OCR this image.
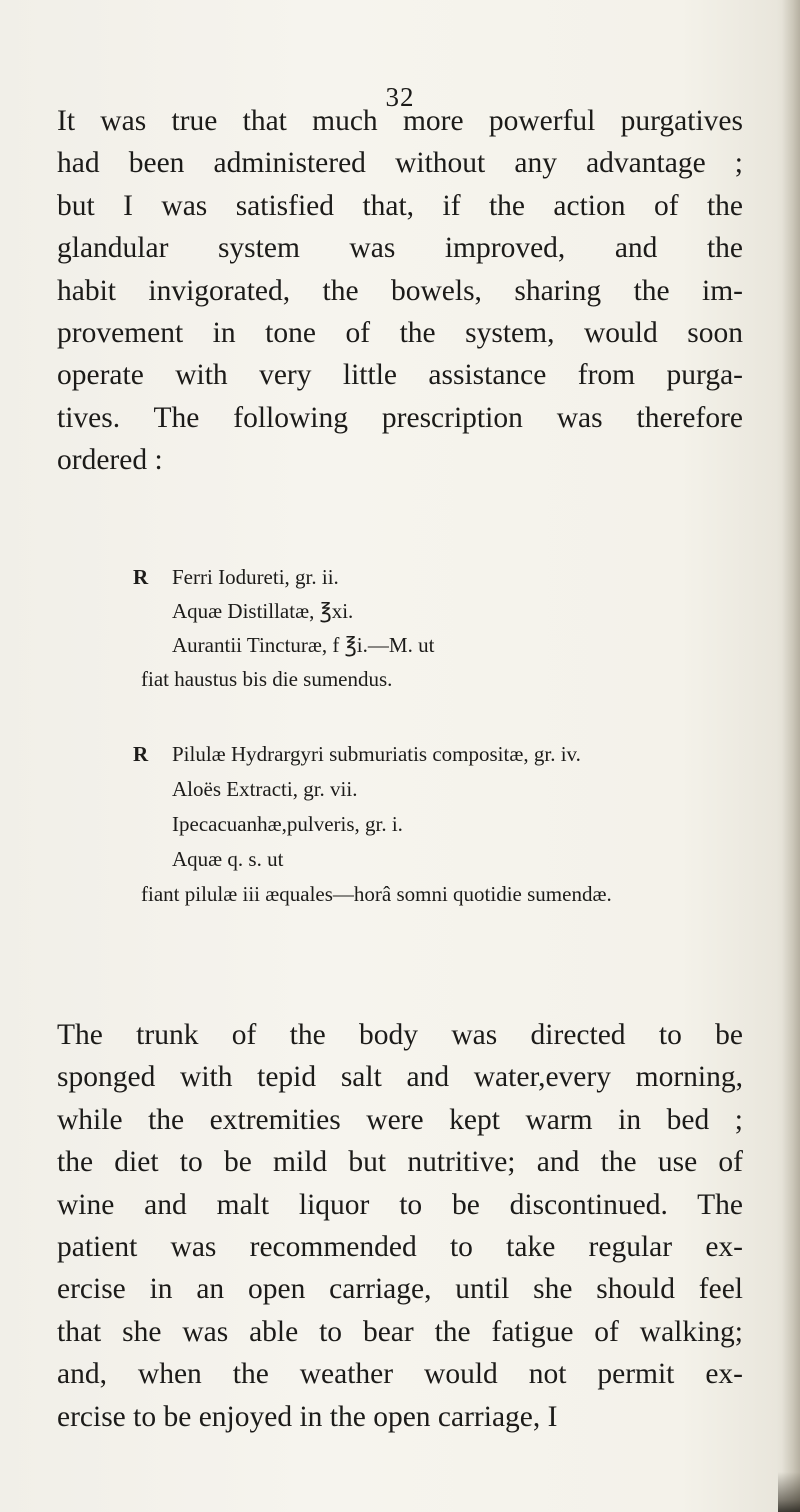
32
It was true that much more powerful purgatives
had been administered without any advantage ;
but I was satisfied that, if the action of the
glandular system was improved, and the
habit invigorated, the bowels, sharing the im-
provement in tone of the system, would soon
operate with very little assistance from purga-
tives. The following prescription was therefore
ordered :
R Ferri Iodureti, gr. ii.
Aquæ Distillatæ, ℥xi.
Aurantii Tincturæ, f ℥i.—M. ut
fiat haustus bis die sumendus.
R Pilulæ Hydrargyri submuriatis compositæ, gr. iv.
Aloës Extracti, gr. vii.
Ipecacuanhæ,pulveris, gr. i.
Aquæ q. s. ut
fiant pilulæ iii æquales—horâ somni quotidie sumendæ.
The trunk of the body was directed to be
sponged with tepid salt and water,every morning,
while the extremities were kept warm in bed ;
the diet to be mild but nutritive; and the use of
wine and malt liquor to be discontinued. The
patient was recommended to take regular ex-
ercise in an open carriage, until she should feel
that she was able to bear the fatigue of walking;
and, when the weather would not permit ex-
ercise to be enjoyed in the open carriage, I
